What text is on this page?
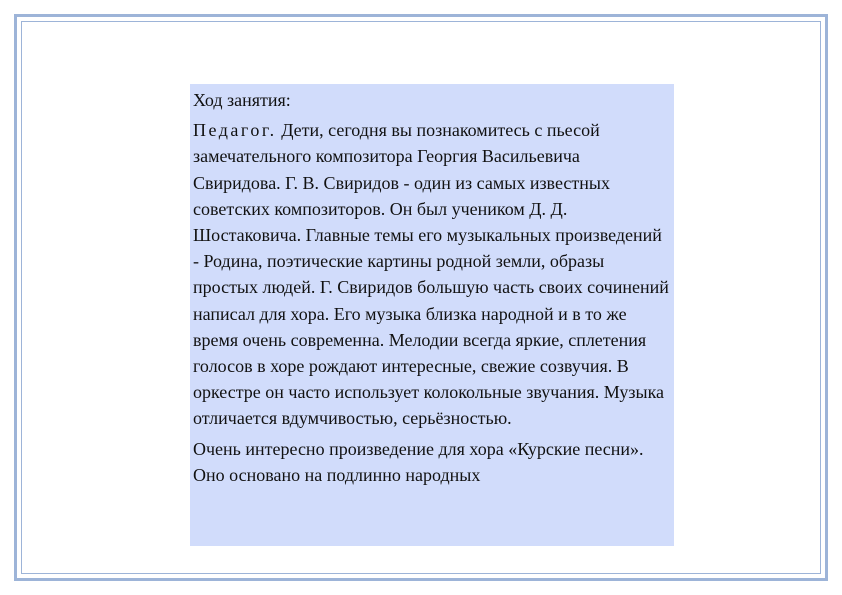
Ход занятия:

Педагог. Дети, сегодня вы познакомитесь с пьесой замечательного композитора Георгия Васильевича Свиридова. Г. В. Свиридов - один из самых известных советских композиторов. Он был учеником Д. Д. Шостаковича. Главные темы его музыкальных произведений - Родина, поэтические картины родной земли, образы простых людей. Г. Свиридов большую часть своих сочинений написал для хора. Его музыка близка народной и в то же время очень современна. Мелодии всегда яркие, сплетения голосов в хоре рождают интересные, свежие созвучия. В оркестре он часто использует колокольные звучания. Музыка отличается вдумчивостью, серьёзностью.

Очень интересно произведение для хора «Курские песни». Оно основано на подлинно народных
